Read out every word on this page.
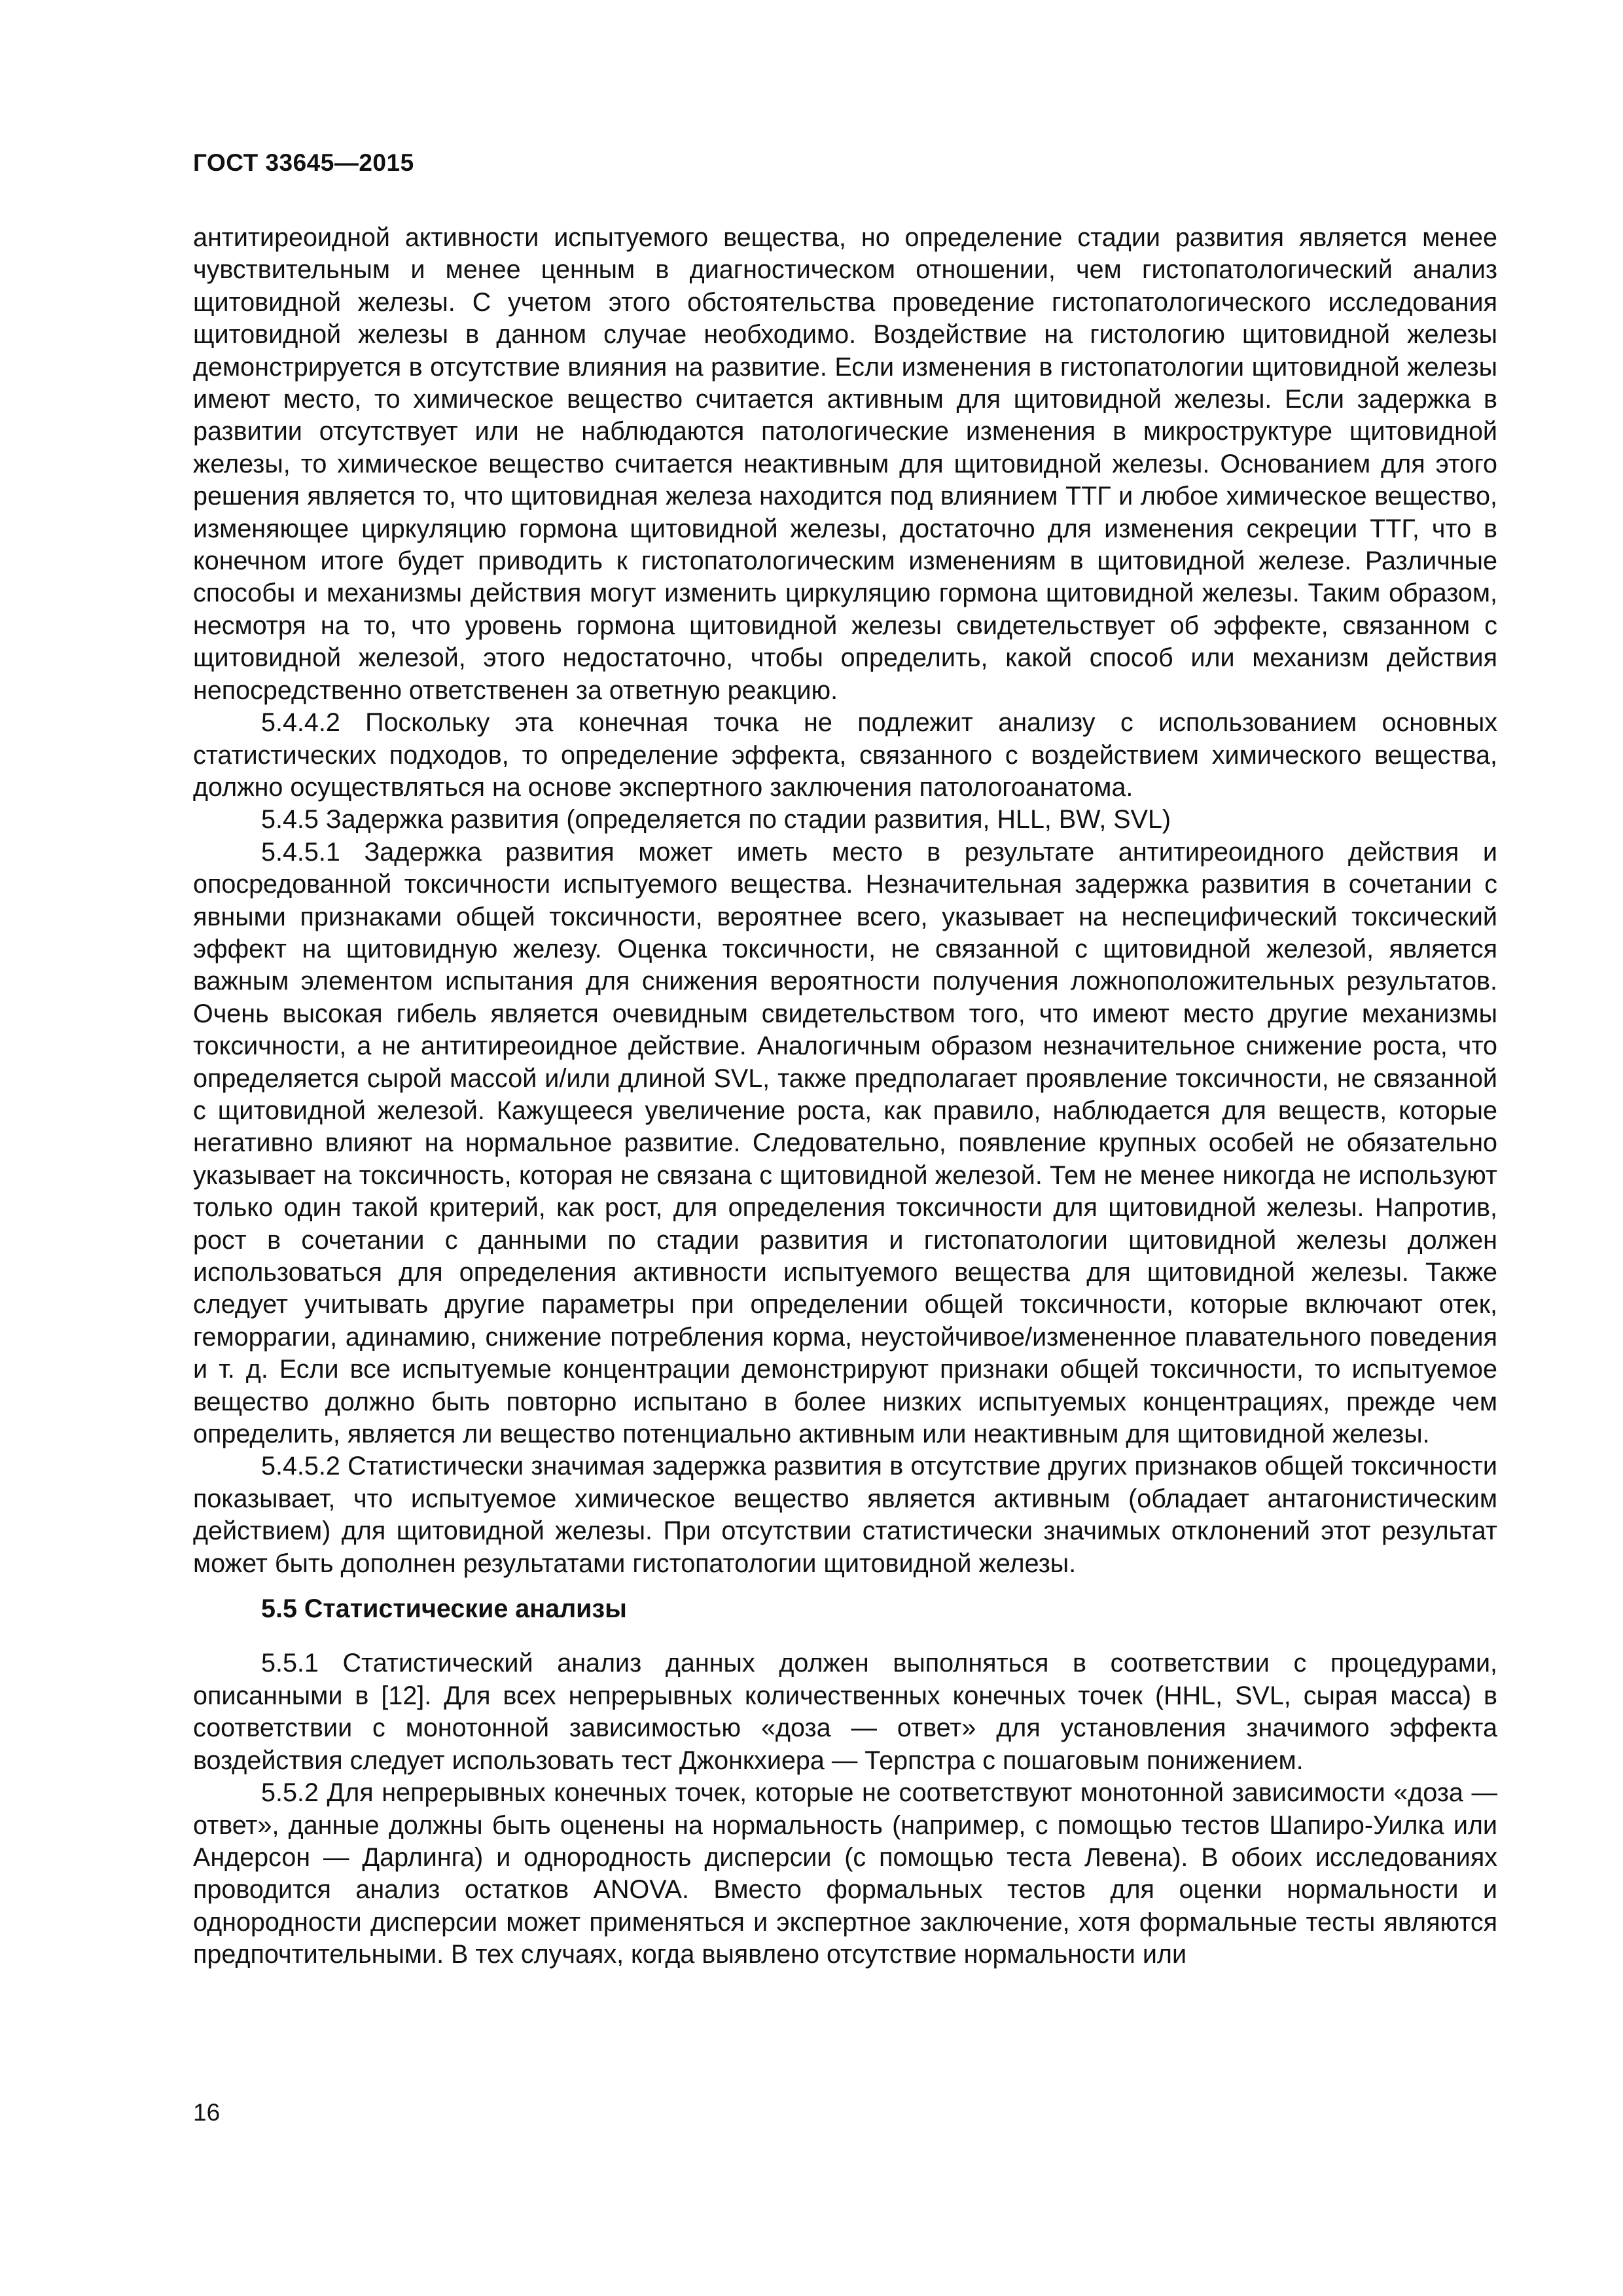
ГОСТ 33645—2015

антитиреоидной активности испытуемого вещества, но определение стадии развития является менее чувствительным и менее ценным в диагностическом отношении, чем гистопатологический анализ щитовидной железы. С учетом этого обстоятельства проведение гистопатологического исследования щитовидной железы в данном случае необходимо. Воздействие на гистологию щитовидной железы демонстрируется в отсутствие влияния на развитие. Если изменения в гистопатологии щитовидной железы имеют место, то химическое вещество считается активным для щитовидной железы. Если задержка в развитии отсутствует или не наблюдаются патологические изменения в микроструктуре щитовидной железы, то химическое вещество считается неактивным для щитовидной железы. Основанием для этого решения является то, что щитовидная железа находится под влиянием ТТГ и любое химическое вещество, изменяющее циркуляцию гормона щитовидной железы, достаточно для изменения секреции ТТГ, что в конечном итоге будет приводить к гистопатологическим изменениям в щитовидной железе. Различные способы и механизмы действия могут изменить циркуляцию гормона щитовидной железы. Таким образом, несмотря на то, что уровень гормона щитовидной железы свидетельствует об эффекте, связанном с щитовидной железой, этого недостаточно, чтобы определить, какой способ или механизм действия непосредственно ответственен за ответную реакцию.

5.4.4.2 Поскольку эта конечная точка не подлежит анализу с использованием основных статистических подходов, то определение эффекта, связанного с воздействием химического вещества, должно осуществляться на основе экспертного заключения патологоанатома.

5.4.5 Задержка развития (определяется по стадии развития, HLL, BW, SVL)

5.4.5.1 Задержка развития может иметь место в результате антитиреоидного действия и опосредованной токсичности испытуемого вещества. Незначительная задержка развития в сочетании с явными признаками общей токсичности, вероятнее всего, указывает на неспецифический токсический эффект на щитовидную железу. Оценка токсичности, не связанной с щитовидной железой, является важным элементом испытания для снижения вероятности получения ложноположительных результатов. Очень высокая гибель является очевидным свидетельством того, что имеют место другие механизмы токсичности, а не антитиреоидное действие. Аналогичным образом незначительное снижение роста, что определяется сырой массой и/или длиной SVL, также предполагает проявление токсичности, не связанной с щитовидной железой. Кажущееся увеличение роста, как правило, наблюдается для веществ, которые негативно влияют на нормальное развитие. Следовательно, появление крупных особей не обязательно указывает на токсичность, которая не связана с щитовидной железой. Тем не менее никогда не используют только один такой критерий, как рост, для определения токсичности для щитовидной железы. Напротив, рост в сочетании с данными по стадии развития и гистопатологии щитовидной железы должен использоваться для определения активности испытуемого вещества для щитовидной железы. Также следует учитывать другие параметры при определении общей токсичности, которые включают отек, геморрагии, адинамию, снижение потребления корма, неустойчивое/измененное плавательного поведения и т. д. Если все испытуемые концентрации демонстрируют признаки общей токсичности, то испытуемое вещество должно быть повторно испытано в более низких испытуемых концентрациях, прежде чем определить, является ли вещество потенциально активным или неактивным для щитовидной железы.

5.4.5.2 Статистически значимая задержка развития в отсутствие других признаков общей токсичности показывает, что испытуемое химическое вещество является активным (обладает антагонистическим действием) для щитовидной железы. При отсутствии статистически значимых отклонений этот результат может быть дополнен результатами гистопатологии щитовидной железы.

5.5 Статистические анализы

5.5.1 Статистический анализ данных должен выполняться в соответствии с процедурами, описанными в [12]. Для всех непрерывных количественных конечных точек (HHL, SVL, сырая масса) в соответствии с монотонной зависимостью «доза — ответ» для установления значимого эффекта воздействия следует использовать тест Джонкхиера — Терпстра с пошаговым понижением.

5.5.2 Для непрерывных конечных точек, которые не соответствуют монотонной зависимости «доза — ответ», данные должны быть оценены на нормальность (например, с помощью тестов Шапиро-Уилка или Андерсон — Дарлинга) и однородность дисперсии (с помощью теста Левена). В обоих исследованиях проводится анализ остатков ANOVA. Вместо формальных тестов для оценки нормальности и однородности дисперсии может применяться и экспертное заключение, хотя формальные тесты являются предпочтительными. В тех случаях, когда выявлено отсутствие нормальности или

16
